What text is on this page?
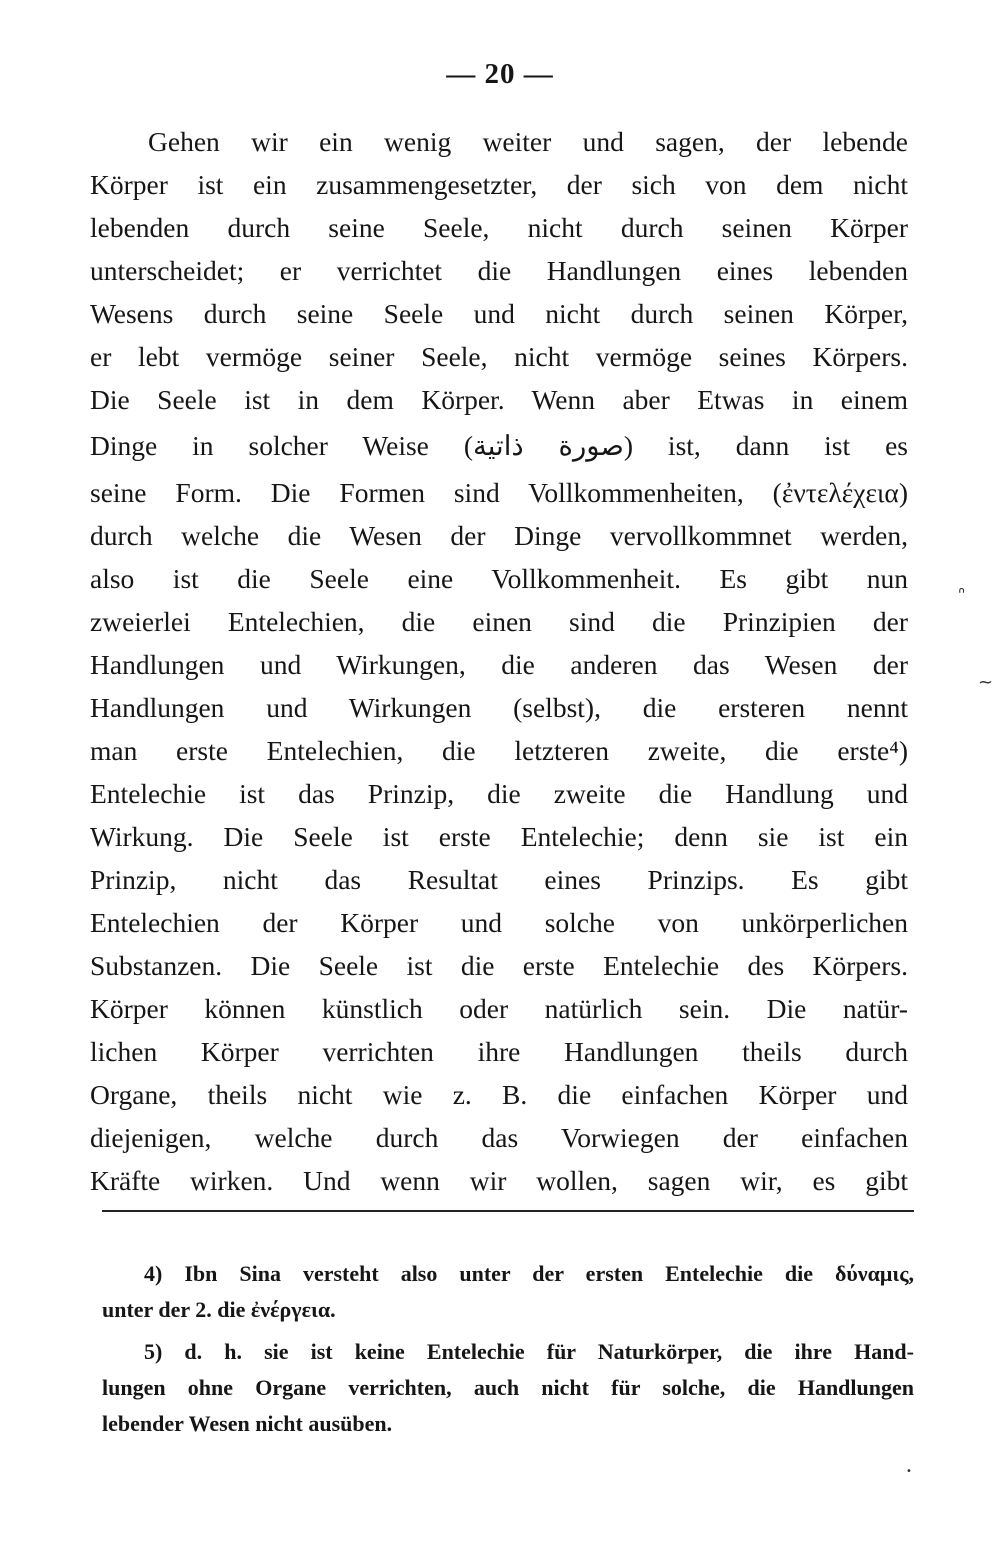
— 20 —
Gehen wir ein wenig weiter und sagen, der lebende
Körper ist ein zusammengesetzter, der sich von dem nicht
lebenden durch seine Seele, nicht durch seinen Körper
unterscheidet; er verrichtet die Handlungen eines lebenden
Wesens durch seine Seele und nicht durch seinen Körper,
er lebt vermöge seiner Seele, nicht vermöge seines Körpers.
Die Seele ist in dem Körper. Wenn aber Etwas in einem
Dinge in solcher Weise (صورة ذاتية) ist, dann ist es
seine Form. Die Formen sind Vollkommenheiten, (ἐντελέχεια)
durch welche die Wesen der Dinge vervollkommnet werden,
also ist die Seele eine Vollkommenheit. Es gibt nun
zweierlei Entelechien, die einen sind die Prinzipien der
Handlungen und Wirkungen, die anderen das Wesen der
Handlungen und Wirkungen (selbst), die ersteren nennt
man erste Entelechien, die letzteren zweite, die erste⁴)
Entelechie ist das Prinzip, die zweite die Handlung und
Wirkung. Die Seele ist erste Entelechie; denn sie ist ein
Prinzip, nicht das Resultat eines Prinzips. Es gibt
Entelechien der Körper und solche von unkörperlichen
Substanzen. Die Seele ist die erste Entelechie des Körpers.
Körper können künstlich oder natürlich sein. Die natür-
lichen Körper verrichten ihre Handlungen theils durch
Organe, theils nicht wie z. B. die einfachen Körper und
diejenigen, welche durch das Vorwiegen der einfachen
Kräfte wirken. Und wenn wir wollen, sagen wir, es gibt
4) Ibn Sina versteht also unter der ersten Entelechie die δύναμις,
unter der 2. die ἐνέργεια.
5) d. h. sie ist keine Entelechie für Naturkörper, die ihre Hand-
lungen ohne Organe verrichten, auch nicht für solche, die Handlungen
lebender Wesen nicht ausüben.
ᐢ
~
•
